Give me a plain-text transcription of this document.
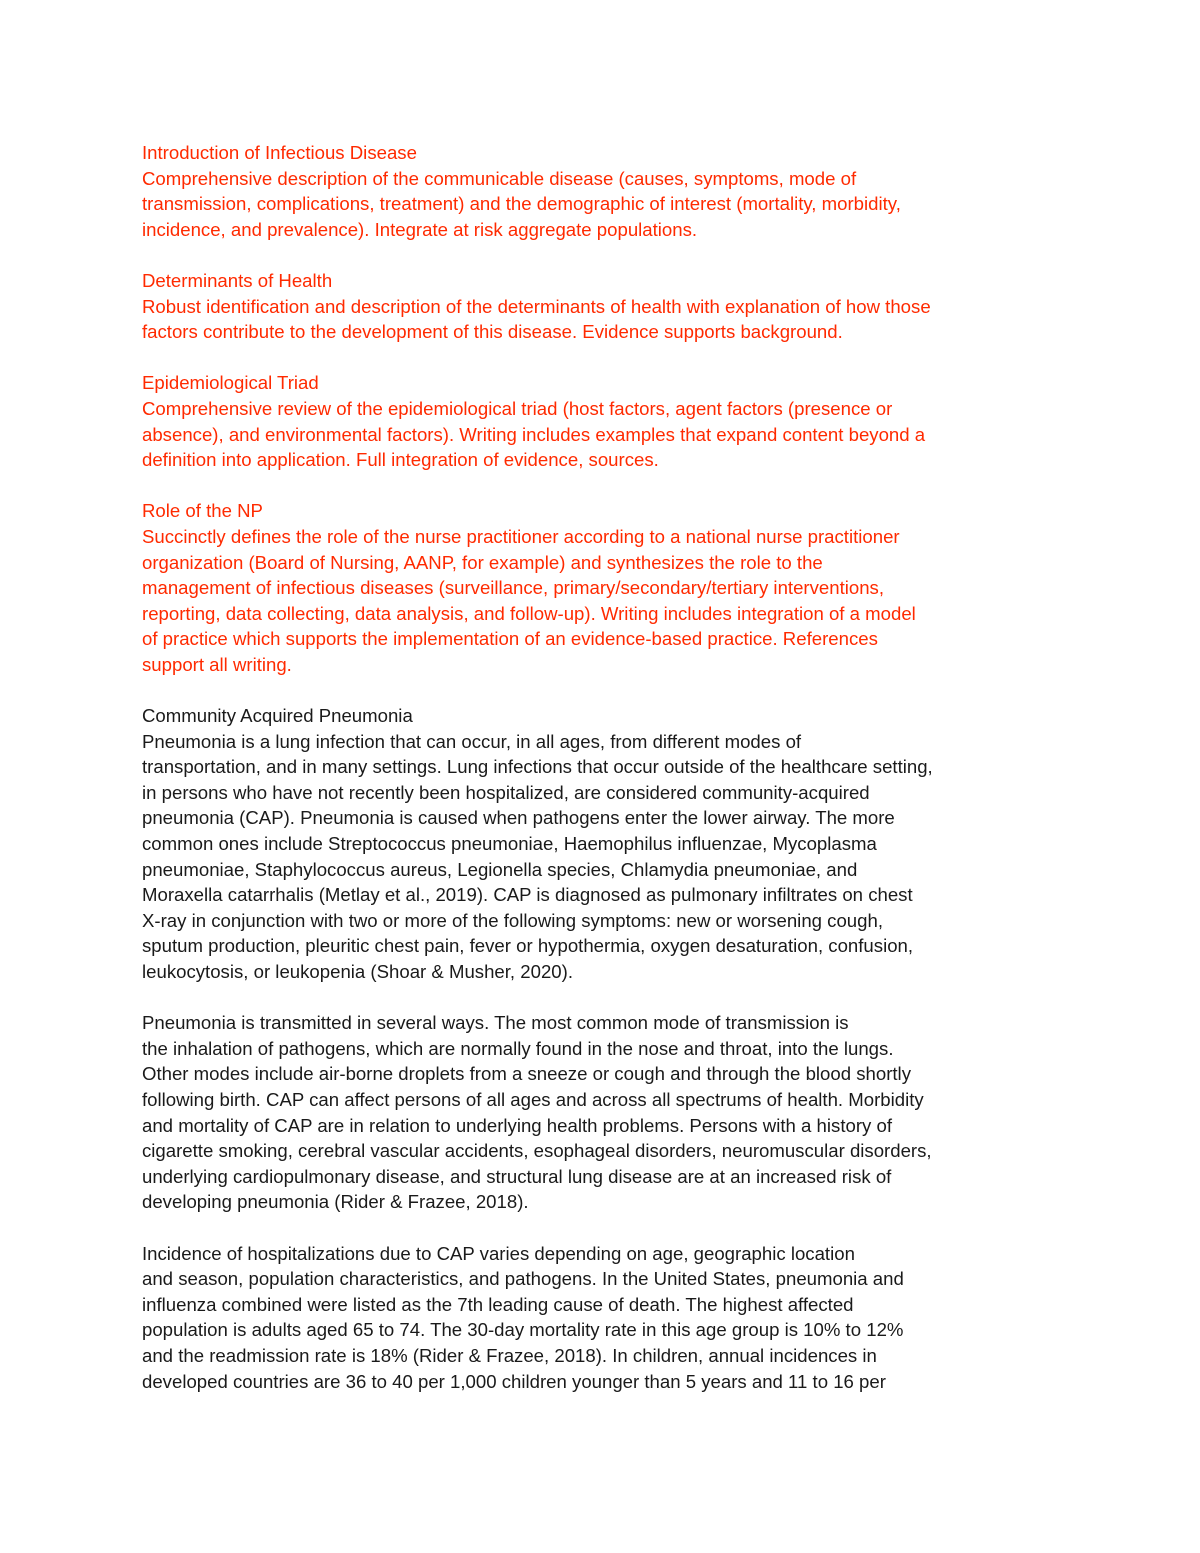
Introduction of Infectious Disease
Comprehensive description of the communicable disease (causes, symptoms, mode of
transmission, complications, treatment) and the demographic of interest (mortality, morbidity,
incidence, and prevalence). Integrate at risk aggregate populations.
Determinants of Health
Robust identification and description of the determinants of health with explanation of how those
factors contribute to the development of this disease. Evidence supports background.
Epidemiological Triad
Comprehensive review of the epidemiological triad (host factors, agent factors (presence or
absence), and environmental factors). Writing includes examples that expand content beyond a
definition into application. Full integration of evidence, sources.
Role of the NP
Succinctly defines the role of the nurse practitioner according to a national nurse practitioner
organization (Board of Nursing, AANP, for example) and synthesizes the role to the
management of infectious diseases (surveillance, primary/secondary/tertiary interventions,
reporting, data collecting, data analysis, and follow-up). Writing includes integration of a model
of practice which supports the implementation of an evidence-based practice. References
support all writing.
Community Acquired Pneumonia
Pneumonia is a lung infection that can occur, in all ages, from different modes of
transportation, and in many settings. Lung infections that occur outside of the healthcare setting,
in persons who have not recently been hospitalized, are considered community-acquired
pneumonia (CAP). Pneumonia is caused when pathogens enter the lower airway. The more
common ones include Streptococcus pneumoniae, Haemophilus influenzae, Mycoplasma
pneumoniae, Staphylococcus aureus, Legionella species, Chlamydia pneumoniae, and
Moraxella catarrhalis (Metlay et al., 2019). CAP is diagnosed as pulmonary infiltrates on chest
X-ray in conjunction with two or more of the following symptoms: new or worsening cough,
sputum production, pleuritic chest pain, fever or hypothermia, oxygen desaturation, confusion,
leukocytosis, or leukopenia (Shoar & Musher, 2020).
Pneumonia is transmitted in several ways. The most common mode of transmission is
the inhalation of pathogens, which are normally found in the nose and throat, into the lungs.
Other modes include air-borne droplets from a sneeze or cough and through the blood shortly
following birth. CAP can affect persons of all ages and across all spectrums of health. Morbidity
and mortality of CAP are in relation to underlying health problems. Persons with a history of
cigarette smoking, cerebral vascular accidents, esophageal disorders, neuromuscular disorders,
underlying cardiopulmonary disease, and structural lung disease are at an increased risk of
developing pneumonia (Rider & Frazee, 2018).
Incidence of hospitalizations due to CAP varies depending on age, geographic location
and season, population characteristics, and pathogens. In the United States, pneumonia and
influenza combined were listed as the 7th leading cause of death. The highest affected
population is adults aged 65 to 74. The 30-day mortality rate in this age group is 10% to 12%
and the readmission rate is 18% (Rider & Frazee, 2018). In children, annual incidences in
developed countries are 36 to 40 per 1,000 children younger than 5 years and 11 to 16 per
